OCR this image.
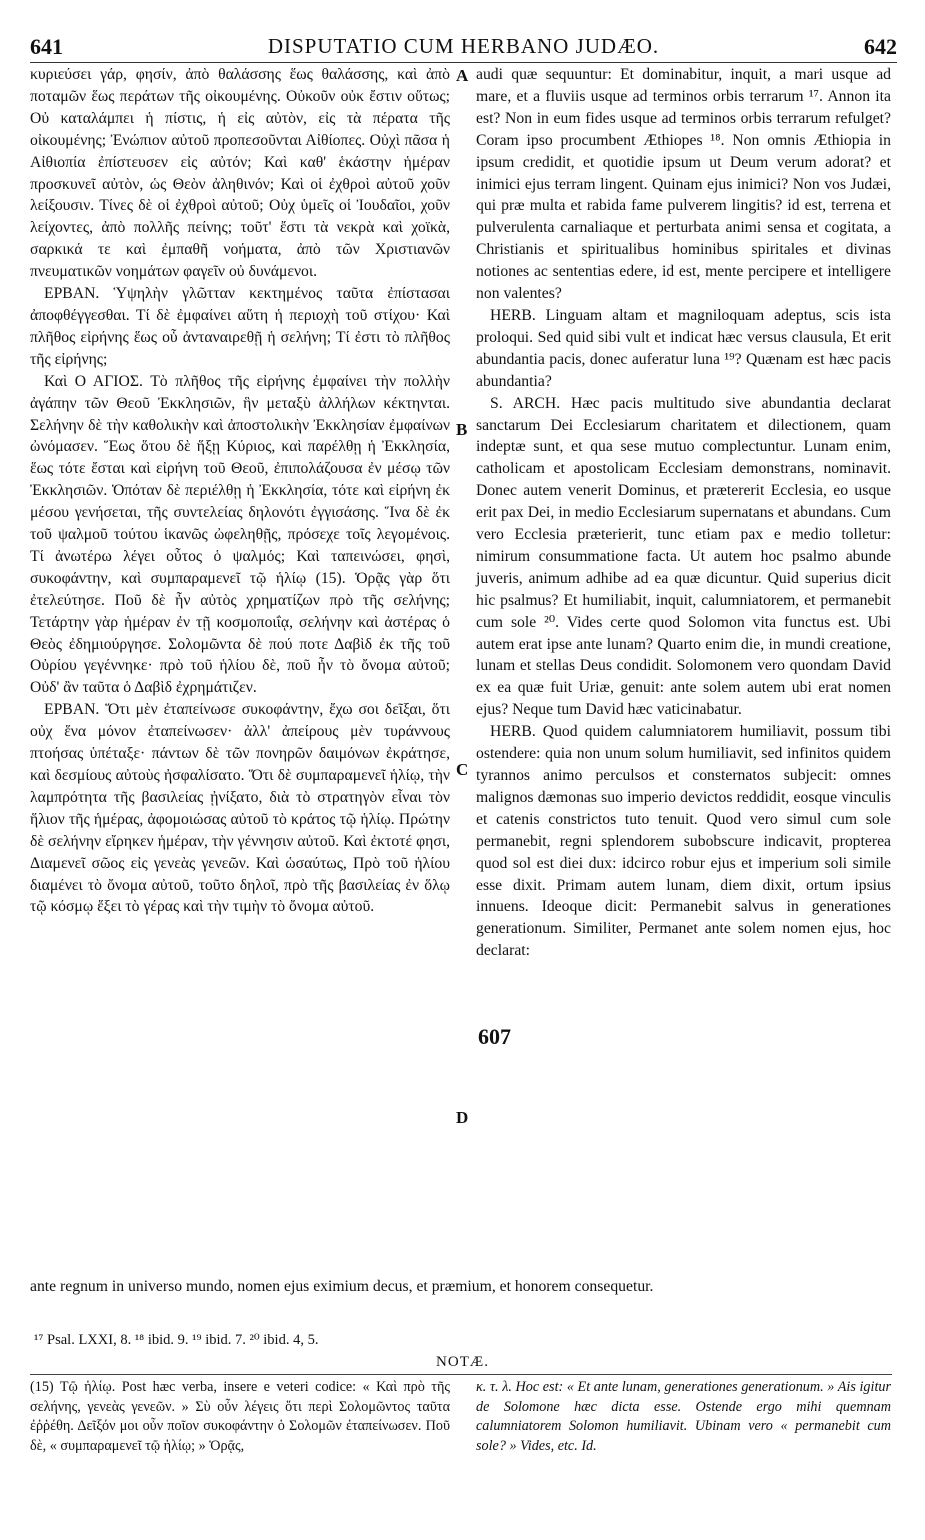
641	DISPUTATIO CUM HERBANO JUDÆO.	642

κυριεύσει γάρ, φησίν, ἀπὸ θαλάσσης ἕως θαλάσσης, καὶ ἀπὸ ποταμῶν ἕως περάτων τῆς οἰκουμένης. Οὐκοῦν οὐκ ἔστιν οὕτως; Οὐ καταλάμπει ἡ πίστις, ἡ εἰς αὐτὸν, εἰς τὰ πέρατα τῆς οἰκουμένης; Ἐνώπιον αὐτοῦ προπεσοῦνται Αἰθίοπες. Οὐχὶ πᾶσα ἡ Αἰθιοπία ἐπίστευσεν εἰς αὐτόν; Καὶ καθ' ἑκάστην ἡμέραν προσκυνεῖ αὐτὸν, ὡς Θεὸν ἀληθινόν; Καὶ οἱ ἐχθροὶ αὐτοῦ χοῦν λείξουσιν. Τίνες δὲ οἱ ἐχθροὶ αὐτοῦ; Οὐχ ὑμεῖς οἱ Ἰουδαῖοι, χοῦν λείχοντες, ἀπὸ πολλῆς πείνης; τοῦτ' ἔστι τὰ νεκρὰ καὶ χοϊκὰ, σαρκικά τε καὶ ἐμπαθῆ νοήματα, ἀπὸ τῶν Χριστιανῶν πνευματικῶν νοημάτων φαγεῖν οὐ δυνάμενοι.

ΕΡΒΑΝ. Ὑψηλὴν γλῶτταν κεκτημένος ταῦτα ἐπίστασαι ἀποφθέγγεσθαι. Τί δὲ ἐμφαίνει αὕτη ἡ περιοχὴ τοῦ στίχου· Καὶ πλῆθος εἰρήνης ἕως οὗ ἀνταναιρεθῇ ἡ σελήνη; Τί ἐστι τὸ πλῆθος τῆς εἰρήνης;

Καὶ Ο ΑΓΙΟΣ. Τὸ πλῆθος τῆς εἰρήνης ἐμφαίνει τὴν πολλὴν ἀγάπην τῶν Θεοῦ Ἐκκλησιῶν, ἣν μεταξὺ ἀλλήλων κέκτηνται. Σελήνην δὲ τὴν καθολικὴν καὶ ἀποστολικὴν Ἐκκλησίαν ἐμφαίνων ὠνόμασεν. Ἕως ὅτου δὲ ἥξῃ Κύριος, καὶ παρέλθῃ ἡ Ἐκκλησία, ἕως τότε ἔσται καὶ εἰρήνη τοῦ Θεοῦ, ἐπιπολάζουσα ἐν μέσῳ τῶν Ἐκκλησιῶν. Ὁπόταν δὲ περιέλθῃ ἡ Ἐκκλησία, τότε καὶ εἰρήνη ἐκ μέσου γενήσεται, τῆς συντελείας δηλονότι ἐγγισάσης. Ἵνα δὲ ἐκ τοῦ ψαλμοῦ τούτου ἱκανῶς ὠφεληθῇς, πρόσεχε τοῖς λεγομένοις. Τί ἀνωτέρω λέγει οὗτος ὁ ψαλμός; Καὶ ταπεινώσει, φησὶ, συκοφάντην, καὶ συμπαραμενεῖ τῷ ἡλίῳ (15). Ὁρᾷς γὰρ ὅτι ἐτελεύτησε. Ποῦ δὲ ἦν αὐτὸς χρηματίζων πρὸ τῆς σελήνης; Τετάρτην γὰρ ἡμέραν ἐν τῇ κοσμοποιΐᾳ, σελήνην καὶ ἀστέρας ὁ Θεὸς ἐδημιούργησε. Σολομῶντα δὲ πού ποτε Δαβὶδ ἐκ τῆς τοῦ Οὐρίου γεγέννηκε· πρὸ τοῦ ἡλίου δὲ, ποῦ ἦν τὸ ὄνομα αὐτοῦ; Οὐδ' ἂν ταῦτα ὁ Δαβὶδ ἐχρημάτιζεν.

ΕΡΒΑΝ. Ὅτι μὲν ἐταπείνωσε συκοφάντην, ἔχω σοι δεῖξαι, ὅτι οὐχ ἕνα μόνον ἐταπείνωσεν· ἀλλ' ἀπείρους μὲν τυράννους πτοήσας ὑπέταξε· πάντων δὲ τῶν πονηρῶν δαιμόνων ἐκράτησε, καὶ δεσμίους αὐτοὺς ἠσφαλίσατο. Ὅτι δὲ συμπαραμενεῖ ἡλίῳ, τὴν λαμπρότητα τῆς βασιλείας ᾐνίξατο, διὰ τὸ στρατηγὸν εἶναι τὸν ἥλιον τῆς ἡμέρας, ἀφομοιώσας αὐτοῦ τὸ κράτος τῷ ἡλίῳ. Πρώτην δὲ σελήνην εἴρηκεν ἡμέραν, τὴν γέννησιν αὐτοῦ. Καὶ ἐκτοτέ φησι, Διαμενεῖ σῶος εἰς γενεὰς γενεῶν. Καὶ ὡσαύτως, Πρὸ τοῦ ἡλίου διαμένει τὸ ὄνομα αὐτοῦ, τοῦτο δηλοῖ, πρὸ τῆς βασιλείας ἐν ὅλῳ τῷ κόσμῳ ἕξει τὸ γέρας καὶ τὴν τιμὴν τὸ ὄνομα αὐτοῦ.

audi quæ sequuntur: Et dominabitur, inquit, a mari usque ad mare, et a fluviis usque ad terminos orbis terrarum ¹⁷. Annon ita est? Non in eum fides usque ad terminos orbis terrarum refulget? Coram ipso procumbent Æthiopes ¹⁸. Non omnis Æthiopia in ipsum credidit, et quotidie ipsum ut Deum verum adorat? et inimici ejus terram lingent. Quinam ejus inimici? Non vos Judæi, qui præ multa et rabida fame pulverem lingitis? id est, terrena et pulverulenta carnaliaque et perturbata animi sensa et cogitata, a Christianis et spiritualibus hominibus spiritales et divinas notiones ac sententias edere, id est, mente percipere et intelligere non valentes?

HERB. Linguam altam et magniloquam adeptus, scis ista proloqui. Sed quid sibi vult et indicat hæc versus clausula, Et erit abundantia pacis, donec auferatur luna ¹⁹? Quænam est hæc pacis abundantia?

S. ARCH. Hæc pacis multitudo sive abundantia declarat sanctarum Dei Ecclesiarum charitatem et dilectionem, quam indeptæ sunt, et qua sese mutuo complectuntur. Lunam enim, catholicam et apostolicam Ecclesiam demonstrans, nominavit. Donec autem venerit Dominus, et prætererit Ecclesia, eo usque erit pax Dei, in medio Ecclesiarum supernatans et abundans. Cum vero Ecclesia præterierit, tunc etiam pax e medio tolletur: nimirum consummatione facta. Ut autem hoc psalmo abunde juveris, animum adhibe ad ea quæ dicuntur. Quid superius dicit hic psalmus? Et humiliabit, inquit, calumniatorem, et permanebit cum sole ²⁰. Vides certe quod Solomon vita functus est. Ubi autem erat ipse ante lunam? Quarto enim die, in mundi creatione, lunam et stellas Deus condidit. Solomonem vero quondam David ex ea quæ fuit Uriæ, genuit: ante solem autem ubi erat nomen ejus? Neque tum David hæc vaticinabatur.

HERB. Quod quidem calumniatorem humiliavit, possum tibi ostendere: quia non unum solum humiliavit, sed infinitos quidem tyrannos animo perculsos et consternatos subjecit: omnes malignos dæmonas suo imperio devictos reddidit, eosque vinculis et catenis constrictos tuto tenuit. Quod vero simul cum sole permanebit, regni splendorem subobscure indicavit, propterea quod sol est diei dux: idcirco robur ejus et imperium soli simile esse dixit. Primam autem lunam, diem dixit, ortum ipsius innuens. Ideoque dicit: Permanebit salvus in generationes generationum. Similiter, Permanet ante solem nomen ejus, hoc declarat:

A
B
C
D
607

ante regnum in universo mundo, nomen ejus eximium decus, et præmium, et honorem consequetur.

¹⁷ Psal. LXXI, 8. ¹⁸ ibid. 9. ¹⁹ ibid. 7. ²⁰ ibid. 4, 5.
NOTÆ.

(15) Τῷ ἡλίῳ. Post hæc verba, insere e veteri codice: « Καὶ πρὸ τῆς σελήνης, γενεὰς γενεῶν. » Σὺ οὖν λέγεις ὅτι περὶ Σολομῶντος ταῦτα ἐῤῥέθη. Δεῖξόν μοι οὖν ποῖον συκοφάντην ὁ Σολομῶν ἐταπείνωσεν. Ποῦ δὲ, « συμπαραμενεῖ τῷ ἡλίῳ; » Ὁρᾷς,

κ. τ. λ. Hoc est: « Et ante lunam, generationes generationum. » Ais igitur de Solomone hæc dicta esse. Ostende ergo mihi quemnam calumniatorem Solomon humiliavit. Ubinam vero « permanebit cum sole? » Vides, etc. Id.
